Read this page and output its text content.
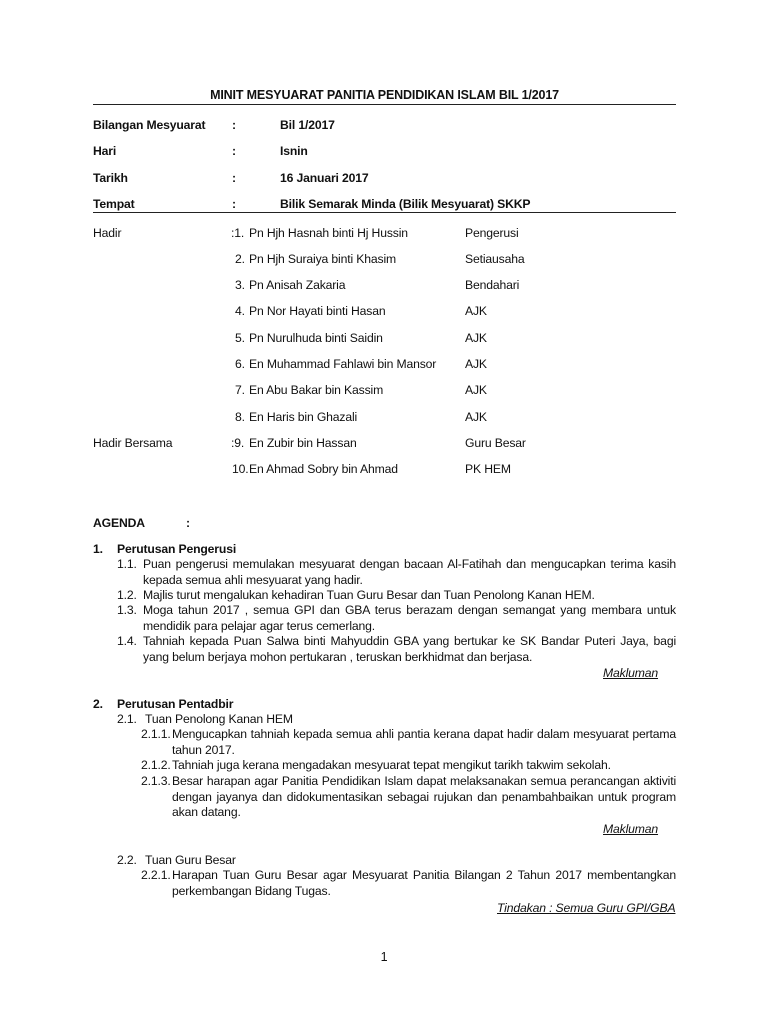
MINIT MESYUARAT PANITIA PENDIDIKAN ISLAM BIL 1/2017
Bilangan Mesyuarat :	Bil 1/2017
Hari	:	Isnin
Tarikh	:	16 Januari 2017
Tempat	:	Bilik Semarak Minda (Bilik Mesyuarat) SKKP
Hadir	:1. Pn Hjh Hasnah binti Hj Hussin	Pengerusi
2. Pn Hjh Suraiya binti Khasim	Setiausaha
3. Pn Anisah Zakaria	Bendahari
4. Pn Nor Hayati binti Hasan	AJK
5. Pn Nurulhuda binti Saidin	AJK
6. En Muhammad Fahlawi bin Mansor AJK
7. En Abu Bakar bin Kassim	AJK
8. En Haris bin Ghazali	AJK
Hadir Bersama	:9. En Zubir bin Hassan	Guru Besar
10. En Ahmad Sobry bin Ahmad	PK HEM
AGENDA	:
1. Perutusan Pengerusi
1.1. Puan pengerusi memulakan mesyuarat dengan bacaan Al-Fatihah dan mengucapkan terima kasih kepada semua ahli mesyuarat yang hadir.
1.2. Majlis turut mengalukan kehadiran Tuan Guru Besar dan Tuan Penolong Kanan HEM.
1.3. Moga tahun 2017 , semua GPI dan GBA terus berazam dengan semangat yang membara untuk mendidik para pelajar agar terus cemerlang.
1.4. Tahniah kepada Puan Salwa binti Mahyuddin GBA yang bertukar ke SK Bandar Puteri Jaya, bagi yang belum berjaya mohon pertukaran , teruskan berkhidmat dan berjasa.
Makluman
2. Perutusan Pentadbir
2.1. Tuan Penolong Kanan HEM
2.1.1. Mengucapkan tahniah kepada semua ahli pantia kerana dapat hadir dalam mesyuarat pertama tahun 2017.
2.1.2. Tahniah juga kerana mengadakan mesyuarat tepat mengikut tarikh takwim sekolah.
2.1.3. Besar harapan agar Panitia Pendidikan Islam dapat melaksanakan semua perancangan aktiviti dengan jayanya dan didokumentasikan sebagai rujukan dan penambahbaikan untuk program akan datang.
Makluman
2.2. Tuan Guru Besar
2.2.1. Harapan Tuan Guru Besar agar Mesyuarat Panitia Bilangan 2 Tahun 2017 membentangkan perkembangan Bidang Tugas.
Tindakan : Semua Guru GPI/GBA
1
